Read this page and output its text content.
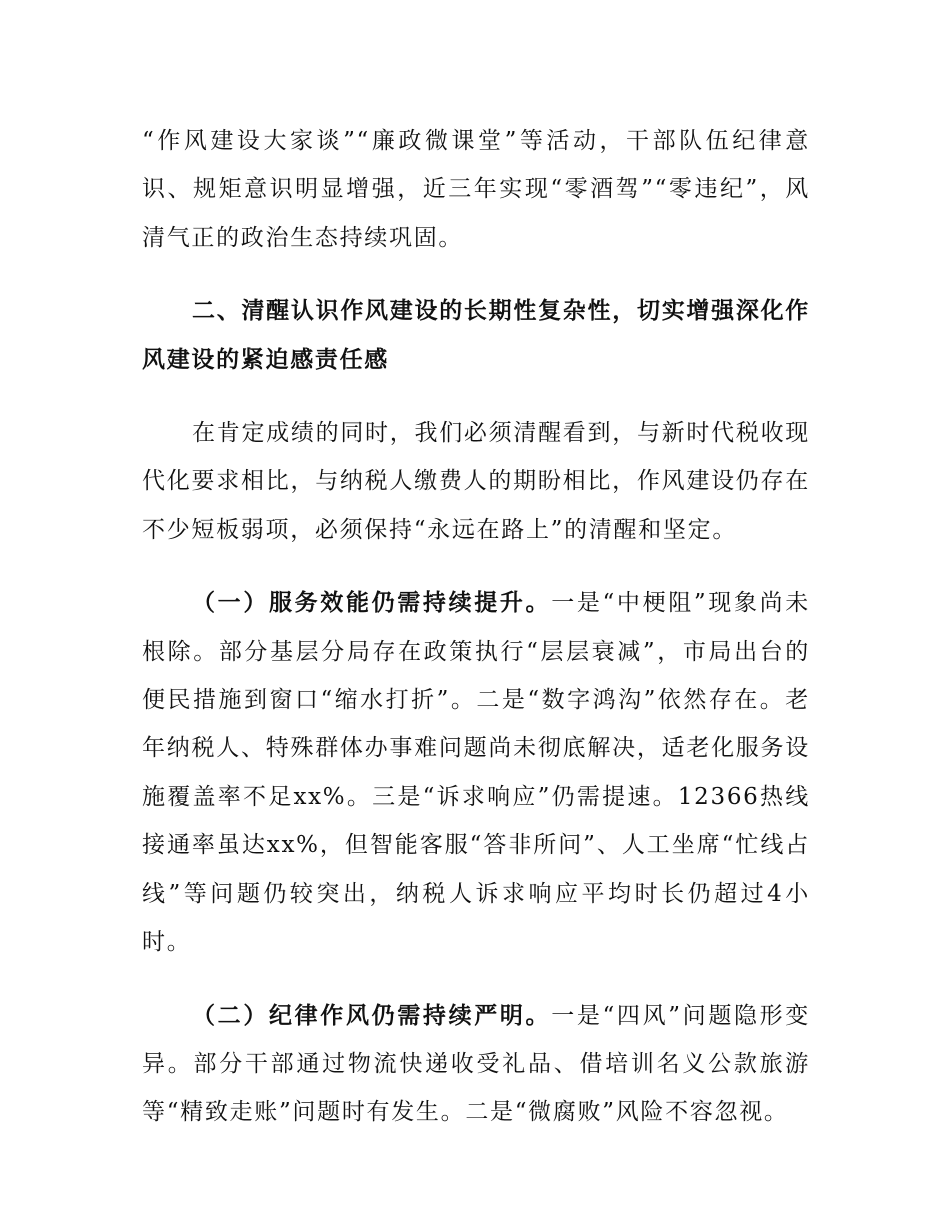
“作风建设大家谈”“廉政微课堂”等活动，干部队伍纪律意识、规矩意识明显增强，近三年实现“零酒驾”“零违纪”，风清气正的政治生态持续巩固。

二、清醒认识作风建设的长期性复杂性，切实增强深化作风建设的紧迫感责任感

在肯定成绩的同时，我们必须清醒看到，与新时代税收现代化要求相比，与纳税人缴费人的期盼相比，作风建设仍存在不少短板弱项，必须保持“永远在路上”的清醒和坚定。

（一）服务效能仍需持续提升。一是“中梗阻”现象尚未根除。部分基层分局存在政策执行“层层衰减”，市局出台的便民措施到窗口“缩水打折”。二是“数字鸿沟”依然存在。老年纳税人、特殊群体办事难问题尚未彻底解决，适老化服务设施覆盖率不足xx%。三是“诉求响应”仍需提速。12366热线接通率虽达xx%，但智能客服“答非所问”、人工坐席“忙线占线”等问题仍较突出，纳税人诉求响应平均时长仍超过4小时。

（二）纪律作风仍需持续严明。一是“四风”问题隐形变异。部分干部通过物流快递收受礼品、借培训名义公款旅游等“精致走账”问题时有发生。二是“微腐败”风险不容忽视。
